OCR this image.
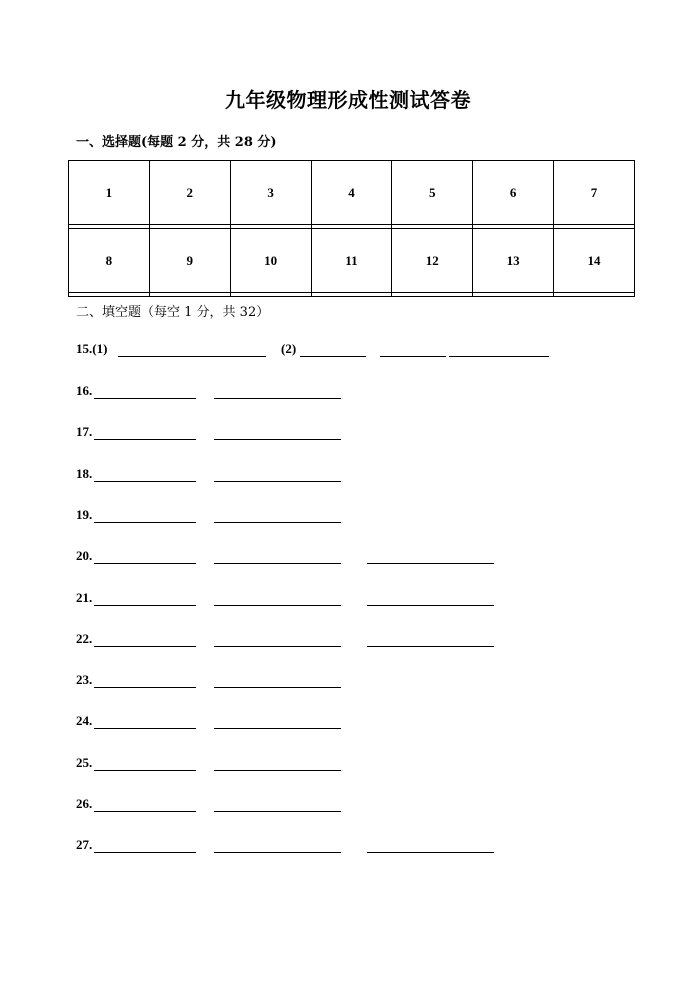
九年级物理形成性测试答卷
一、选择题(每题 2 分，共 28 分)
1	2	3	4	5	6	7

8	9	10	11	12	13	14

二、填空题（每空 1 分，共 32）
15.(1)	(2)
16.
17.
18.
19.
20.
21.
22.
23.
24.
25.
26.
27.
